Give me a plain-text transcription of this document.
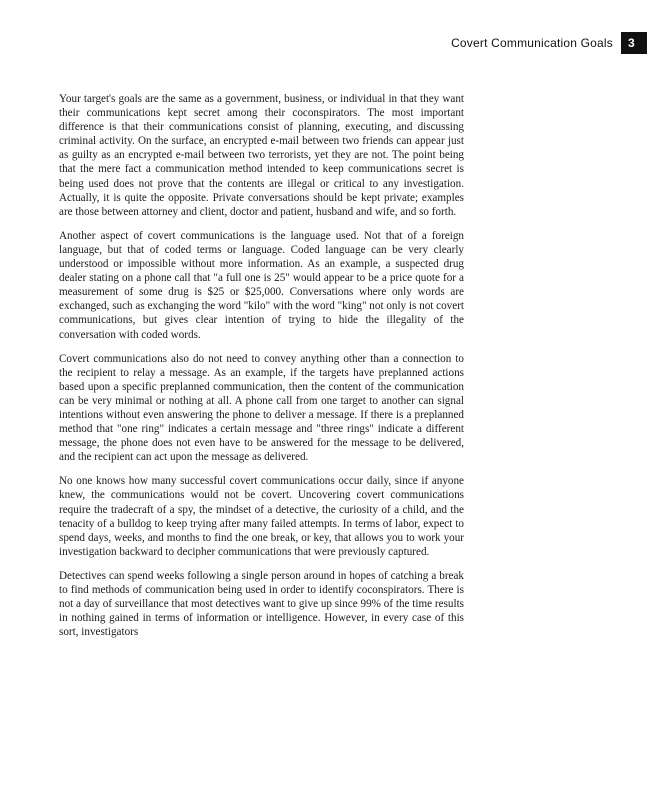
Covert Communication Goals	3

Your target's goals are the same as a government, business, or individual in that they want their communications kept secret among their coconspirators. The most important difference is that their communications consist of planning, executing, and discussing criminal activity. On the surface, an encrypted e-mail between two friends can appear just as guilty as an encrypted e-mail between two terrorists, yet they are not. The point being that the mere fact a communication method intended to keep communications secret is being used does not prove that the contents are illegal or critical to any investigation. Actually, it is quite the opposite. Private conversations should be kept private; examples are those between attorney and client, doctor and patient, husband and wife, and so forth.

Another aspect of covert communications is the language used. Not that of a foreign language, but that of coded terms or language. Coded language can be very clearly understood or impossible without more information. As an example, a suspected drug dealer stating on a phone call that "a full one is 25" would appear to be a price quote for a measurement of some drug is $25 or $25,000. Conversations where only words are exchanged, such as exchanging the word "kilo" with the word "king" not only is not covert communications, but gives clear intention of trying to hide the illegality of the conversation with coded words.

Covert communications also do not need to convey anything other than a connection to the recipient to relay a message. As an example, if the targets have preplanned actions based upon a specific preplanned communication, then the content of the communication can be very minimal or nothing at all. A phone call from one target to another can signal intentions without even answering the phone to deliver a message. If there is a preplanned method that "one ring" indicates a certain message and "three rings" indicate a different message, the phone does not even have to be answered for the message to be delivered, and the recipient can act upon the message as delivered.

No one knows how many successful covert communications occur daily, since if anyone knew, the communications would not be covert. Uncovering covert communications require the tradecraft of a spy, the mindset of a detective, the curiosity of a child, and the tenacity of a bulldog to keep trying after many failed attempts. In terms of labor, expect to spend days, weeks, and months to find the one break, or key, that allows you to work your investigation backward to decipher communications that were previously captured.

Detectives can spend weeks following a single person around in hopes of catching a break to find methods of communication being used in order to identify coconspirators. There is not a day of surveillance that most detectives want to give up since 99% of the time results in nothing gained in terms of information or intelligence. However, in every case of this sort, investigators
